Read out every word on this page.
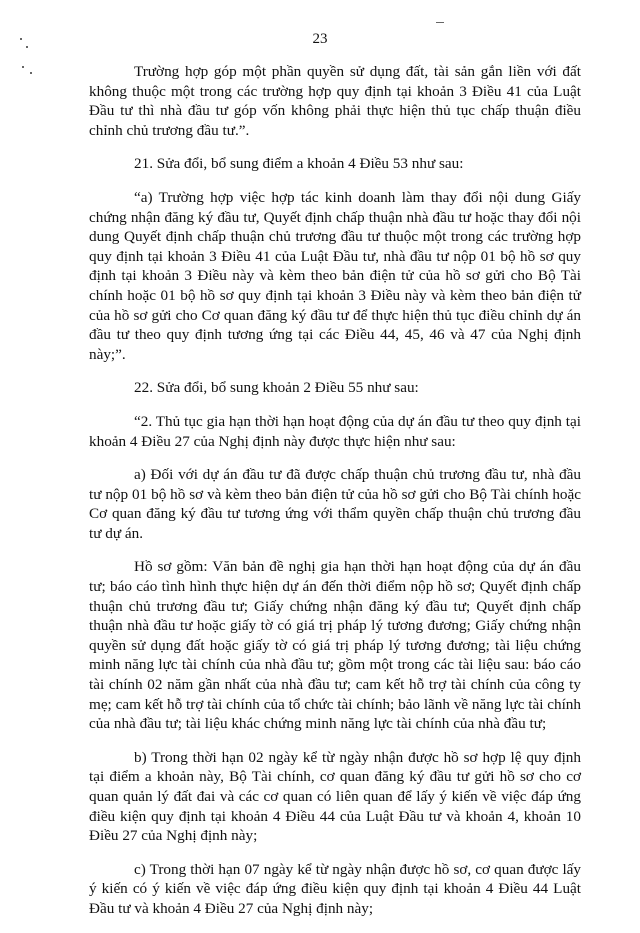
23

Trường hợp góp một phần quyền sử dụng đất, tài sản gắn liền với đất không thuộc một trong các trường hợp quy định tại khoản 3 Điều 41 của Luật Đầu tư thì nhà đầu tư góp vốn không phải thực hiện thủ tục chấp thuận điều chỉnh chủ trương đầu tư.”.

21. Sửa đổi, bổ sung điểm a khoản 4 Điều 53 như sau:

“a) Trường hợp việc hợp tác kinh doanh làm thay đổi nội dung Giấy chứng nhận đăng ký đầu tư, Quyết định chấp thuận nhà đầu tư hoặc thay đổi nội dung Quyết định chấp thuận chủ trương đầu tư thuộc một trong các trường hợp quy định tại khoản 3 Điều 41 của Luật Đầu tư, nhà đầu tư nộp 01 bộ hồ sơ quy định tại khoản 3 Điều này và kèm theo bản điện tử của hồ sơ gửi cho Bộ Tài chính hoặc 01 bộ hồ sơ quy định tại khoản 3 Điều này và kèm theo bản điện tử của hồ sơ gửi cho Cơ quan đăng ký đầu tư để thực hiện thủ tục điều chỉnh dự án đầu tư theo quy định tương ứng tại các Điều 44, 45, 46 và 47 của Nghị định này;”.

22. Sửa đổi, bổ sung khoản 2 Điều 55 như sau:

“2. Thủ tục gia hạn thời hạn hoạt động của dự án đầu tư theo quy định tại khoản 4 Điều 27 của Nghị định này được thực hiện như sau:

a) Đối với dự án đầu tư đã được chấp thuận chủ trương đầu tư, nhà đầu tư nộp 01 bộ hồ sơ và kèm theo bản điện tử của hồ sơ gửi cho Bộ Tài chính hoặc Cơ quan đăng ký đầu tư tương ứng với thẩm quyền chấp thuận chủ trương đầu tư dự án.

Hồ sơ gồm: Văn bản đề nghị gia hạn thời hạn hoạt động của dự án đầu tư; báo cáo tình hình thực hiện dự án đến thời điểm nộp hồ sơ; Quyết định chấp thuận chủ trương đầu tư; Giấy chứng nhận đăng ký đầu tư; Quyết định chấp thuận nhà đầu tư hoặc giấy tờ có giá trị pháp lý tương đương; Giấy chứng nhận quyền sử dụng đất hoặc giấy tờ có giá trị pháp lý tương đương; tài liệu chứng minh năng lực tài chính của nhà đầu tư; gồm một trong các tài liệu sau: báo cáo tài chính 02 năm gần nhất của nhà đầu tư; cam kết hỗ trợ tài chính của công ty mẹ; cam kết hỗ trợ tài chính của tổ chức tài chính; bảo lãnh về năng lực tài chính của nhà đầu tư; tài liệu khác chứng minh năng lực tài chính của nhà đầu tư;

b) Trong thời hạn 02 ngày kể từ ngày nhận được hồ sơ hợp lệ quy định tại điểm a khoản này, Bộ Tài chính, cơ quan đăng ký đầu tư gửi hồ sơ cho cơ quan quản lý đất đai và các cơ quan có liên quan để lấy ý kiến về việc đáp ứng điều kiện quy định tại khoản 4 Điều 44 của Luật Đầu tư và khoản 4, khoản 10 Điều 27 của Nghị định này;

c) Trong thời hạn 07 ngày kể từ ngày nhận được hồ sơ, cơ quan được lấy ý kiến có ý kiến về việc đáp ứng điều kiện quy định tại khoản 4 Điều 44 Luật Đầu tư và khoản 4 Điều 27 của Nghị định này;
